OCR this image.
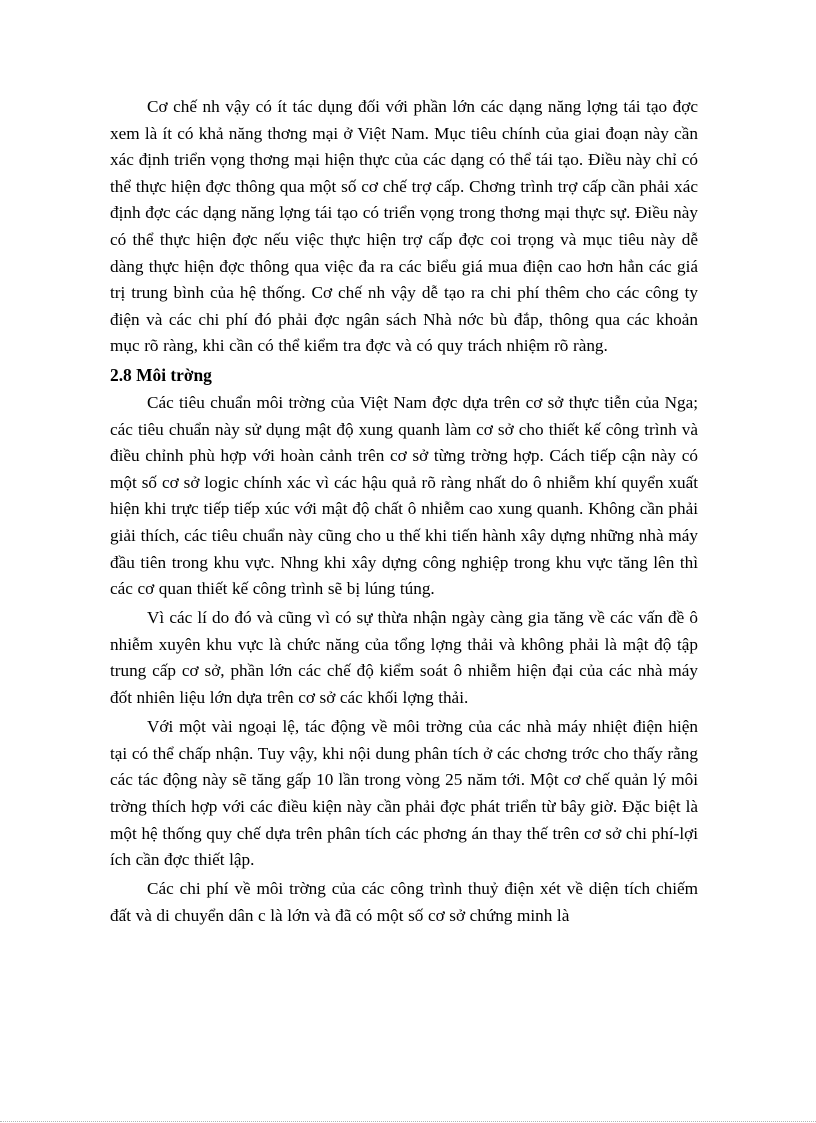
Cơ chế nh vậy có ít tác dụng đối với phần lớn các dạng năng lợng tái tạo đợc xem là ít có khả năng thơng mại ở Việt Nam. Mục tiêu chính của giai đoạn này cần xác định triển vọng thơng mại hiện thực của các dạng có thể tái tạo. Điều này chỉ có thể thực hiện đợc thông qua một số cơ chế trợ cấp. Chơng trình trợ cấp cần phải xác định đợc các dạng năng lợng tái tạo có triển vọng trong thơng mại thực sự. Điều này có thể thực hiện đợc nếu việc thực hiện trợ cấp đợc coi trọng và mục tiêu này dễ dàng thực hiện đợc thông qua việc đa ra các biểu giá mua điện cao hơn hẳn các giá trị trung bình của hệ thống. Cơ chế nh vậy dễ tạo ra chi phí thêm cho các công ty điện và các chi phí đó phải đợc ngân sách Nhà nớc bù đắp, thông qua các khoản mục rõ ràng, khi cần có thể kiểm tra đợc và có quy trách nhiệm rõ ràng.

2.8 Môi trờng

Các tiêu chuẩn môi trờng của Việt Nam đợc dựa trên cơ sở thực tiễn của Nga; các tiêu chuẩn này sử dụng mật độ xung quanh làm cơ sở cho thiết kế công trình và điều chỉnh phù hợp với hoàn cảnh trên cơ sở từng trờng hợp. Cách tiếp cận này có một số cơ sở logic chính xác vì các hậu quả rõ ràng nhất do ô nhiễm khí quyển xuất hiện khi trực tiếp tiếp xúc với mật độ chất ô nhiễm cao xung quanh. Không cần phải giải thích, các tiêu chuẩn này cũng cho u thế khi tiến hành xây dựng những nhà máy đầu tiên trong khu vực. Nhng khi xây dựng công nghiệp trong khu vực tăng lên thì các cơ quan thiết kế công trình sẽ bị lúng túng.

Vì các lí do đó và cũng vì có sự thừa nhận ngày càng gia tăng về các vấn đề ô nhiễm xuyên khu vực là chức năng của tổng lợng thải và không phải là mật độ tập trung cấp cơ sở, phần lớn các chế độ kiểm soát ô nhiễm hiện đại của các nhà máy đốt nhiên liệu lớn dựa trên cơ sở các khối lợng thải.

Với một vài ngoại lệ, tác động về môi trờng của các nhà máy nhiệt điện hiện tại có thể chấp nhận. Tuy vậy, khi nội dung phân tích ở các chơng trớc cho thấy rằng các tác động này sẽ tăng gấp 10 lần trong vòng 25 năm tới. Một cơ chế quản lý môi trờng thích hợp với các điều kiện này cần phải đợc phát triển từ bây giờ. Đặc biệt là một hệ thống quy chế dựa trên phân tích các phơng án thay thế trên cơ sở chi phí-lợi ích cần đợc thiết lập.

Các chi phí về môi trờng của các công trình thuỷ điện xét về diện tích chiếm đất và di chuyển dân c là lớn và đã có một số cơ sở chứng minh là
